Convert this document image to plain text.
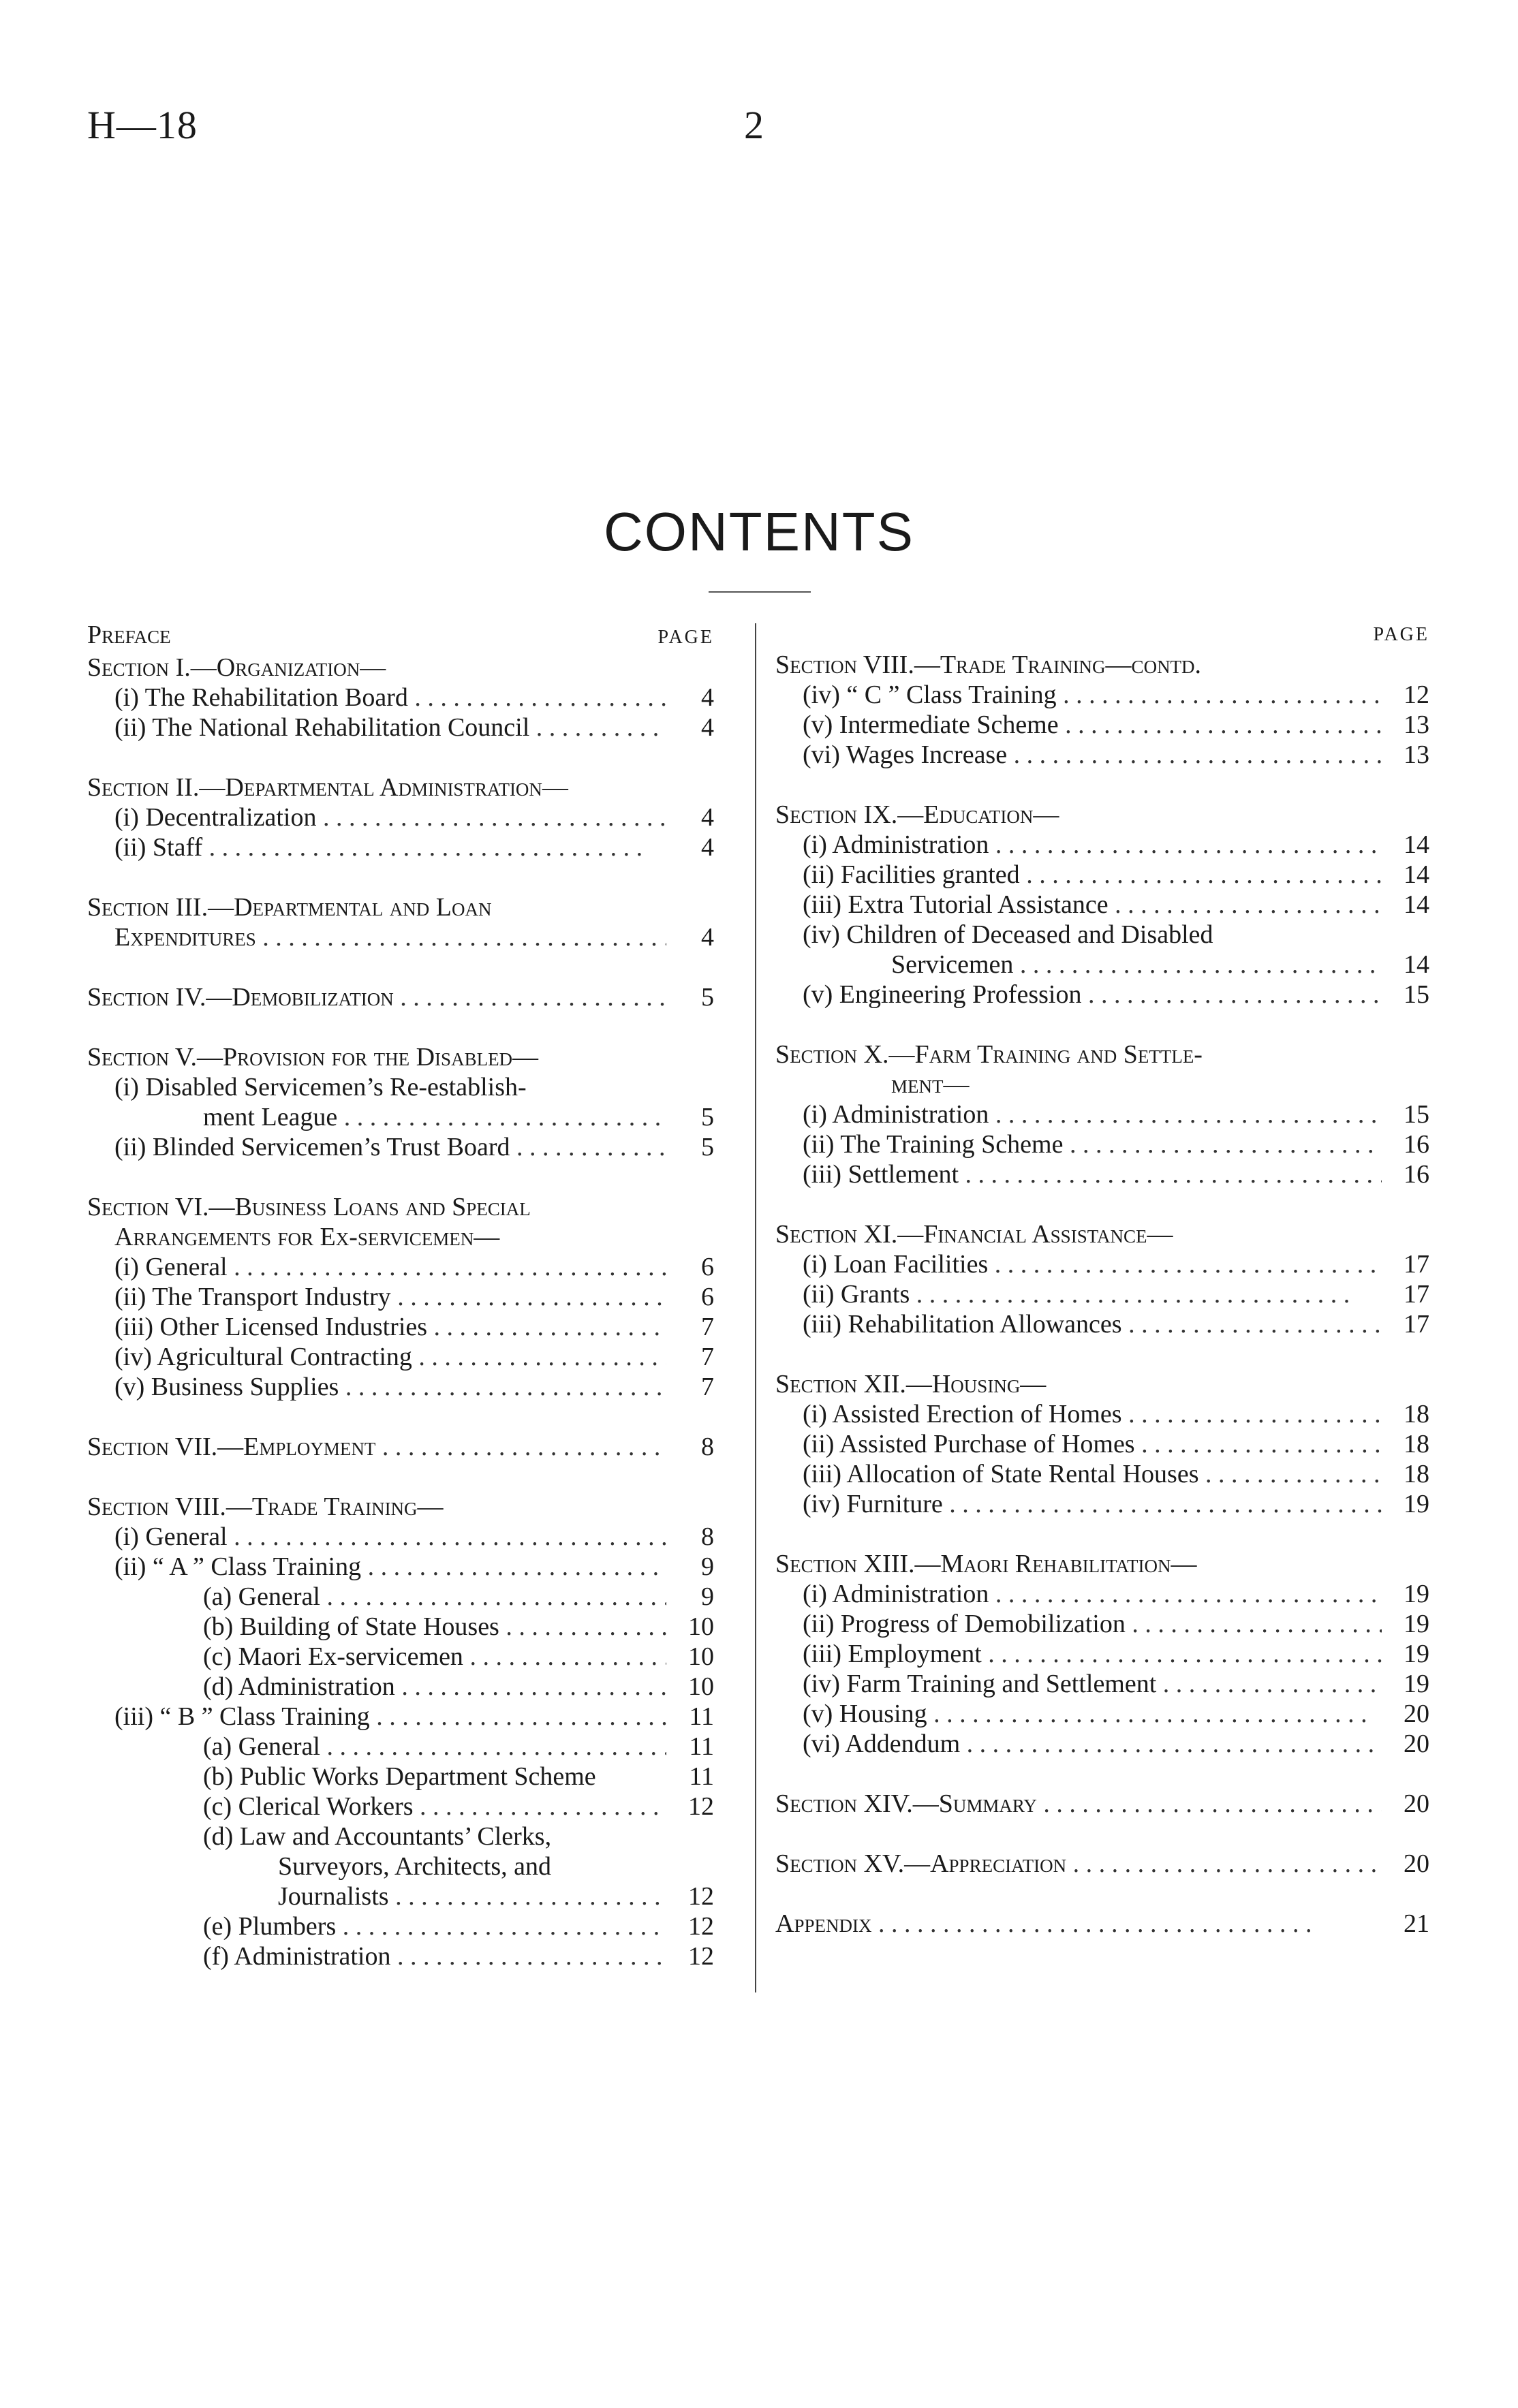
H—18	2
CONTENTS
Preface	PAGE
Section I.—Organization—
(i) The Rehabilitation Board . .	4
(ii) The National Rehabilitation Council . .	4
Section II.—Departmental Administration—
(i) Decentralization . .	4
(ii) Staff . .	4
Section III.—Departmental and Loan
Expenditures . .	4
Section IV.—Demobilization . .	5
Section V.—Provision for the Disabled—
(i) Disabled Servicemen’s Re-establish-
ment League . .	5
(ii) Blinded Servicemen’s Trust Board . .	5
Section VI.—Business Loans and Special
Arrangements for Ex-servicemen—
(i) General . .	6
(ii) The Transport Industry . .	6
(iii) Other Licensed Industries . .	7
(iv) Agricultural Contracting . .	7
(v) Business Supplies . .	7
Section VII.—Employment . .	8
Section VIII.—Trade Training—
(i) General . .	8
(ii) “ A ” Class Training . .	9
(a) General . .	9
(b) Building of State Houses . .	10
(c) Maori Ex-servicemen . .	10
(d) Administration . .	10
(iii) “ B ” Class Training . .	11
(a) General . .	11
(b) Public Works Department Scheme	11
(c) Clerical Workers . .	12
(d) Law and Accountants’ Clerks,
Surveyors, Architects, and
Journalists . .	12
(e) Plumbers . .	12
(f) Administration . .	12
PAGE
Section VIII.—Trade Training—contd.
(iv) “ C ” Class Training . .	12
(v) Intermediate Scheme . .	13
(vi) Wages Increase . .	13
Section IX.—Education—
(i) Administration . .	14
(ii) Facilities granted . .	14
(iii) Extra Tutorial Assistance . .	14
(iv) Children of Deceased and Disabled
Servicemen . .	14
(v) Engineering Profession . .	15
Section X.—Farm Training and Settle-
ment—
(i) Administration . .	15
(ii) The Training Scheme . .	16
(iii) Settlement . .	16
Section XI.—Financial Assistance—
(i) Loan Facilities . .	17
(ii) Grants . .	17
(iii) Rehabilitation Allowances . .	17
Section XII.—Housing—
(i) Assisted Erection of Homes . .	18
(ii) Assisted Purchase of Homes . .	18
(iii) Allocation of State Rental Houses . .	18
(iv) Furniture . .	19
Section XIII.—Maori Rehabilitation—
(i) Administration . .	19
(ii) Progress of Demobilization . .	19
(iii) Employment . .	19
(iv) Farm Training and Settlement . .	19
(v) Housing . .	20
(vi) Addendum . .	20
Section XIV.—Summary . .	20
Section XV.—Appreciation . .	20
Appendix . .	21
